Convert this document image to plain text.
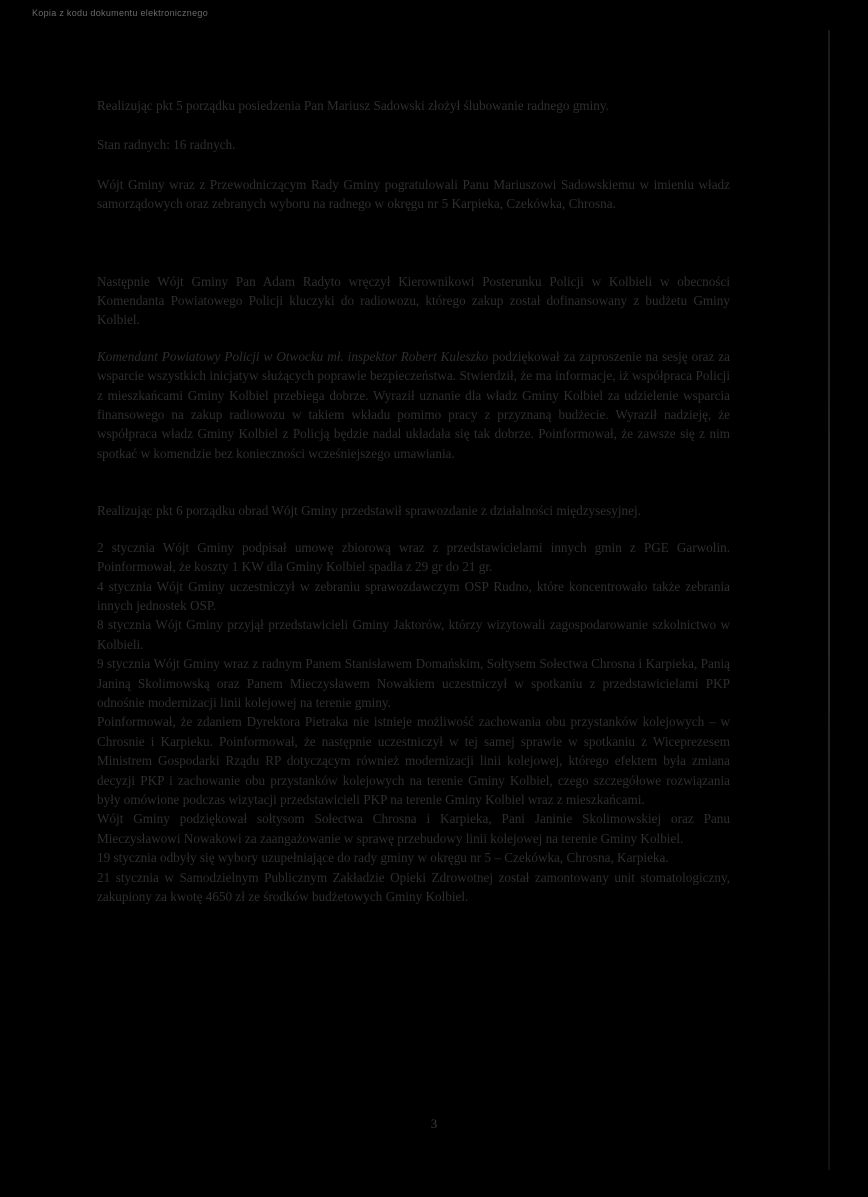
Kopia z kodu dokumentu elektronicznego

Realizując pkt 5 porządku posiedzenia Pan Mariusz Sadowski złożył ślubowanie radnego gminy.

Stan radnych: 16 radnych.

Wójt Gminy wraz z Przewodniczącym Rady Gminy pogratulowali Panu Mariuszowi Sadowskiemu w imieniu władz samorządowych oraz zebranych wyboru na radnego w okręgu nr 5 Karpieka, Czekówka, Chrosna.

Następnie Wójt Gminy Pan Adam Radyto wręczył Kierownikowi Posterunku Policji w Kolbieli w obecności Komendanta Powiatowego Policji kluczyki do radiowozu, którego zakup został dofinansowany z budżetu Gminy Kolbiel.

Komendant Powiatowy Policji w Otwocku mł. inspektor Robert Kuleszko podziękował za zaproszenie na sesję oraz za wsparcie wszystkich inicjatyw służących poprawie bezpieczeństwa. Stwierdził, że ma informacje, iż współpraca Policji z mieszkańcami Gminy Kolbiel przebiega dobrze. Wyraził uznanie dla władz Gminy Kolbiel za udzielenie wsparcia finansowego na zakup radiowozu w takiem wkładu pomimo pracy z przyznaną budżecie. Wyraził nadzieję, że współpraca władz Gminy Kolbiel z Policją będzie nadal układała się tak dobrze. Poinformował, że zawsze się z nim spotkać w komendzie bez konieczności wcześniejszego umawiania.

Realizując pkt 6 porządku obrad Wójt Gminy przedstawił sprawozdanie z działalności międzysesyjnej.

2 stycznia Wójt Gminy podpisał umowę zbiorową wraz z przedstawicielami innych gmin z PGE Garwolin. Poinformował, że koszty 1 KW dla Gminy Kolbiel spadła z 29 gr do 21 gr.

4 stycznia Wójt Gminy uczestniczył w zebraniu sprawozdawczym OSP Rudno, które koncentrowało także zebrania innych jednostek OSP.

8 stycznia Wójt Gminy przyjął przedstawicieli Gminy Jaktorów, którzy wizytowali zagospodarowanie szkolnictwo w Kolbieli.

9 stycznia Wójt Gminy wraz z radnym Panem Stanisławem Domańskim, Sołtysem Sołectwa Chrosna i Karpieka, Panią Janiną Skolimowską oraz Panem Mieczysławem Nowakiem uczestniczył w spotkaniu z przedstawicielami PKP odnośnie modernizacji linii kolejowej na terenie gminy.

Poinformował, że zdaniem Dyrektora Pietraka nie istnieje możliwość zachowania obu przystanków kolejowych – w Chrosnie i Karpieku. Poinformował, że następnie uczestniczył w tej samej sprawie w spotkaniu z Wiceprezesem Ministrem Gospodarki Rządu RP dotyczącym również modernizacji linii kolejowej, którego efektem była zmiana decyzji PKP i zachowanie obu przystanków kolejowych na terenie Gminy Kolbiel, czego szczegółowe rozwiązania były omówione podczas wizytacji przedstawicieli PKP na terenie Gminy Kolbiel wraz z mieszkańcami.

Wójt Gminy podziękował sołtysom Sołectwa Chrosna i Karpieka, Pani Janinie Skolimowskiej oraz Panu Mieczysławowi Nowakowi za zaangażowanie w sprawę przebudowy linii kolejowej na terenie Gminy Kolbiel.

19 stycznia odbyły się wybory uzupełniające do rady gminy w okręgu nr 5 – Czekówka, Chrosna, Karpieka.

21 stycznia w Samodzielnym Publicznym Zakładzie Opieki Zdrowotnej został zamontowany unit stomatologiczny, zakupiony za kwotę 4650 zł ze środków budżetowych Gminy Kolbiel.

3
